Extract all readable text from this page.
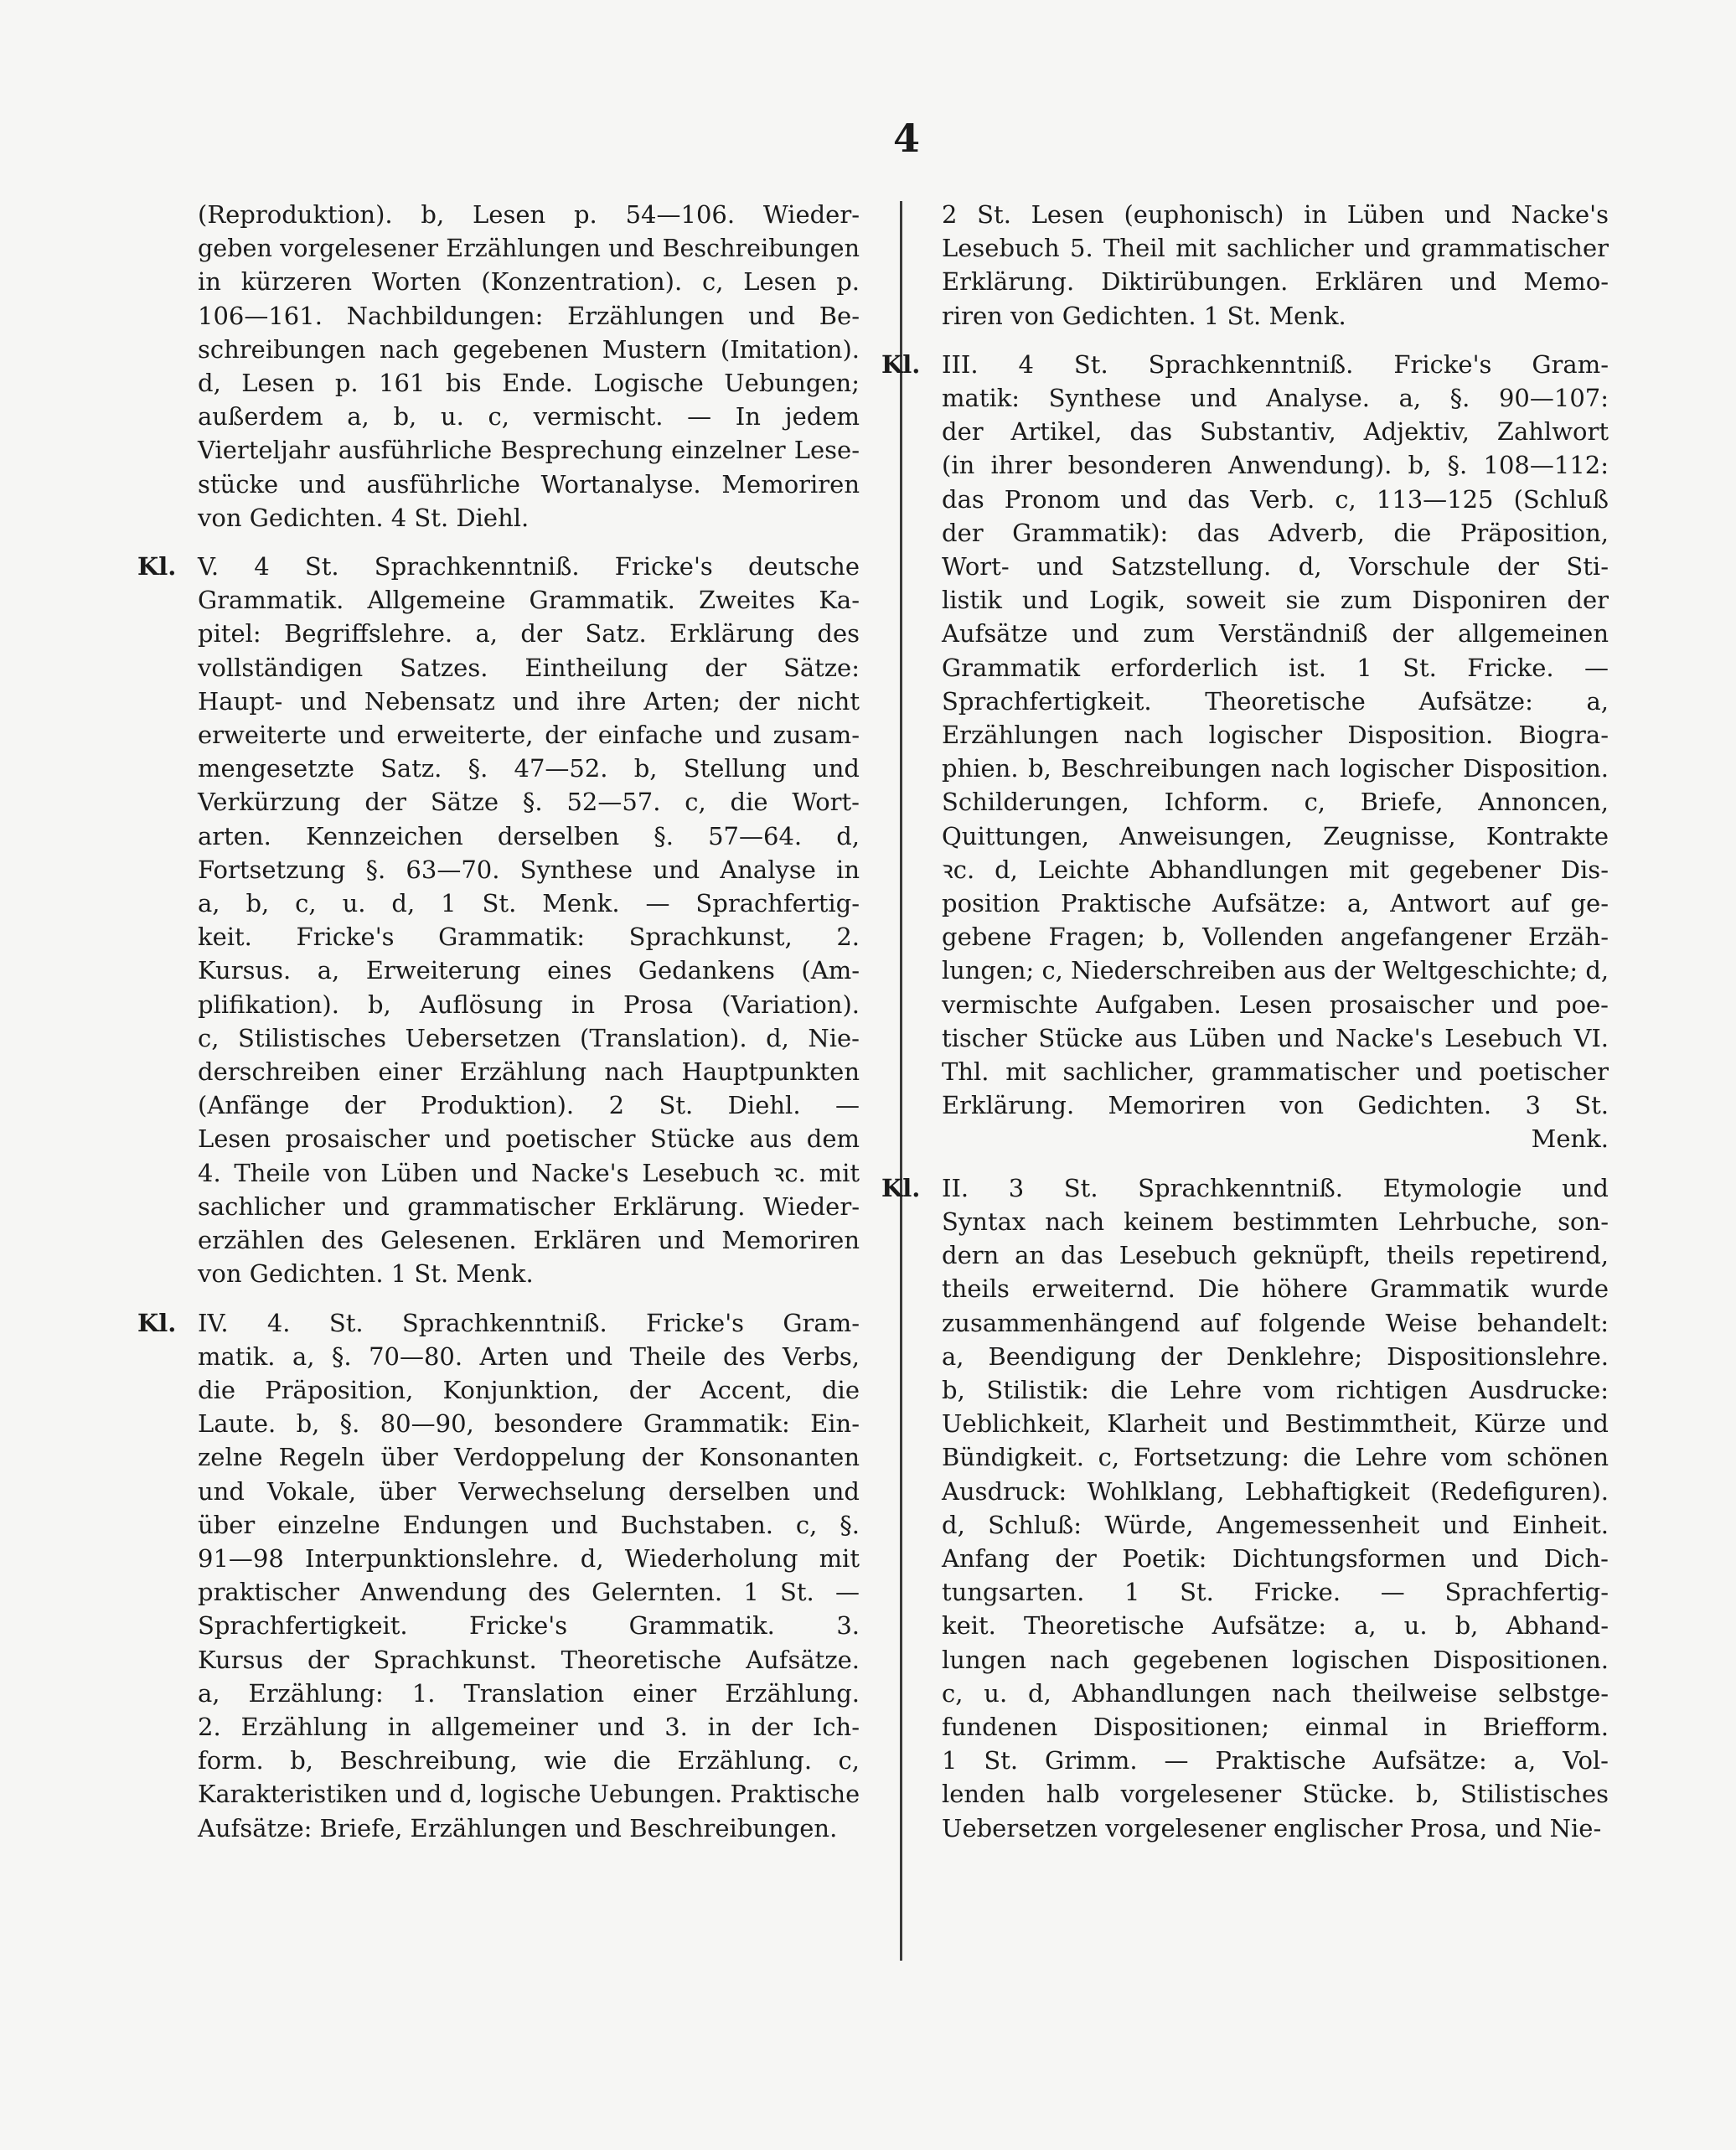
4
(Reproduktion). b, Lesen p. 54—106. Wieder-
geben vorgelesener Erzählungen und Beschreibungen
in kürzeren Worten (Konzentration). c, Lesen p.
106—161. Nachbildungen: Erzählungen und Be-
schreibungen nach gegebenen Mustern (Imitation).
d, Lesen p. 161 bis Ende. Logische Uebungen;
außerdem a, b, u. c, vermischt. — In jedem
Vierteljahr ausführliche Besprechung einzelner Lese-
stücke und ausführliche Wortanalyse. Memoriren
von Gedichten. 4 St. Diehl.
Kl. V. 4 St. Sprachkenntniß. Fricke's deutsche
Grammatik. Allgemeine Grammatik. Zweites Ka-
pitel: Begriffslehre. a, der Satz. Erklärung des
vollständigen Satzes. Eintheilung der Sätze:
Haupt- und Nebensatz und ihre Arten; der nicht
erweiterte und erweiterte, der einfache und zusam-
mengesetzte Satz. §. 47—52. b, Stellung und
Verkürzung der Sätze §. 52—57. c, die Wort-
arten. Kennzeichen derselben §. 57—64. d,
Fortsetzung §. 63—70. Synthese und Analyse in
a, b, c, u. d, 1 St. Menk. — Sprachfertig-
keit. Fricke's Grammatik: Sprachkunst, 2.
Kursus. a, Erweiterung eines Gedankens (Am-
plifikation). b, Auflösung in Prosa (Variation).
c, Stilistisches Uebersetzen (Translation). d, Nie-
derschreiben einer Erzählung nach Hauptpunkten
(Anfänge der Produktion). 2 St. Diehl. —
Lesen prosaischer und poetischer Stücke aus dem
4. Theile von Lüben und Nacke's Lesebuch ꝛc. mit
sachlicher und grammatischer Erklärung. Wieder-
erzählen des Gelesenen. Erklären und Memoriren
von Gedichten. 1 St. Menk.
Kl. IV. 4. St. Sprachkenntniß. Fricke's Gram-
matik. a, §. 70—80. Arten und Theile des Verbs,
die Präposition, Konjunktion, der Accent, die
Laute. b, §. 80—90, besondere Grammatik: Ein-
zelne Regeln über Verdoppelung der Konsonanten
und Vokale, über Verwechselung derselben und
über einzelne Endungen und Buchstaben. c, §.
91—98 Interpunktionslehre. d, Wiederholung mit
praktischer Anwendung des Gelernten. 1 St. —
Sprachfertigkeit. Fricke's Grammatik. 3.
Kursus der Sprachkunst. Theoretische Aufsätze.
a, Erzählung: 1. Translation einer Erzählung.
2. Erzählung in allgemeiner und 3. in der Ich-
form. b, Beschreibung, wie die Erzählung. c,
Karakteristiken und d, logische Uebungen. Praktische
Aufsätze: Briefe, Erzählungen und Beschreibungen.
2 St. Lesen (euphonisch) in Lüben und Nacke's
Lesebuch 5. Theil mit sachlicher und grammatischer
Erklärung. Diktirübungen. Erklären und Memo-
riren von Gedichten. 1 St. Menk.
Kl. III. 4 St. Sprachkenntniß. Fricke's Gram-
matik: Synthese und Analyse. a, §. 90—107:
der Artikel, das Substantiv, Adjektiv, Zahlwort
(in ihrer besonderen Anwendung). b, §. 108—112:
das Pronom und das Verb. c, 113—125 (Schluß
der Grammatik): das Adverb, die Präposition,
Wort- und Satzstellung. d, Vorschule der Sti-
listik und Logik, soweit sie zum Disponiren der
Aufsätze und zum Verständniß der allgemeinen
Grammatik erforderlich ist. 1 St. Fricke. —
Sprachfertigkeit. Theoretische Aufsätze: a,
Erzählungen nach logischer Disposition. Biogra-
phien. b, Beschreibungen nach logischer Disposition.
Schilderungen, Ichform. c, Briefe, Annoncen,
Quittungen, Anweisungen, Zeugnisse, Kontrakte
ꝛc. d, Leichte Abhandlungen mit gegebener Dis-
position Praktische Aufsätze: a, Antwort auf ge-
gebene Fragen; b, Vollenden angefangener Erzäh-
lungen; c, Niederschreiben aus der Weltgeschichte; d,
vermischte Aufgaben. Lesen prosaischer und poe-
tischer Stücke aus Lüben und Nacke's Lesebuch VI.
Thl. mit sachlicher, grammatischer und poetischer
Erklärung. Memoriren von Gedichten. 3 St.
Menk.
Kl. II. 3 St. Sprachkenntniß. Etymologie und
Syntax nach keinem bestimmten Lehrbuche, son-
dern an das Lesebuch geknüpft, theils repetirend,
theils erweiternd. Die höhere Grammatik wurde
zusammenhängend auf folgende Weise behandelt:
a, Beendigung der Denklehre; Dispositionslehre.
b, Stilistik: die Lehre vom richtigen Ausdrucke:
Ueblichkeit, Klarheit und Bestimmtheit, Kürze und
Bündigkeit. c, Fortsetzung: die Lehre vom schönen
Ausdruck: Wohlklang, Lebhaftigkeit (Redefiguren).
d, Schluß: Würde, Angemessenheit und Einheit.
Anfang der Poetik: Dichtungsformen und Dich-
tungsarten. 1 St. Fricke. — Sprachfertig-
keit. Theoretische Aufsätze: a, u. b, Abhand-
lungen nach gegebenen logischen Dispositionen.
c, u. d, Abhandlungen nach theilweise selbstge-
fundenen Dispositionen; einmal in Briefform.
1 St. Grimm. — Praktische Aufsätze: a, Vol-
lenden halb vorgelesener Stücke. b, Stilistisches
Uebersetzen vorgelesener englischer Prosa, und Nie-
